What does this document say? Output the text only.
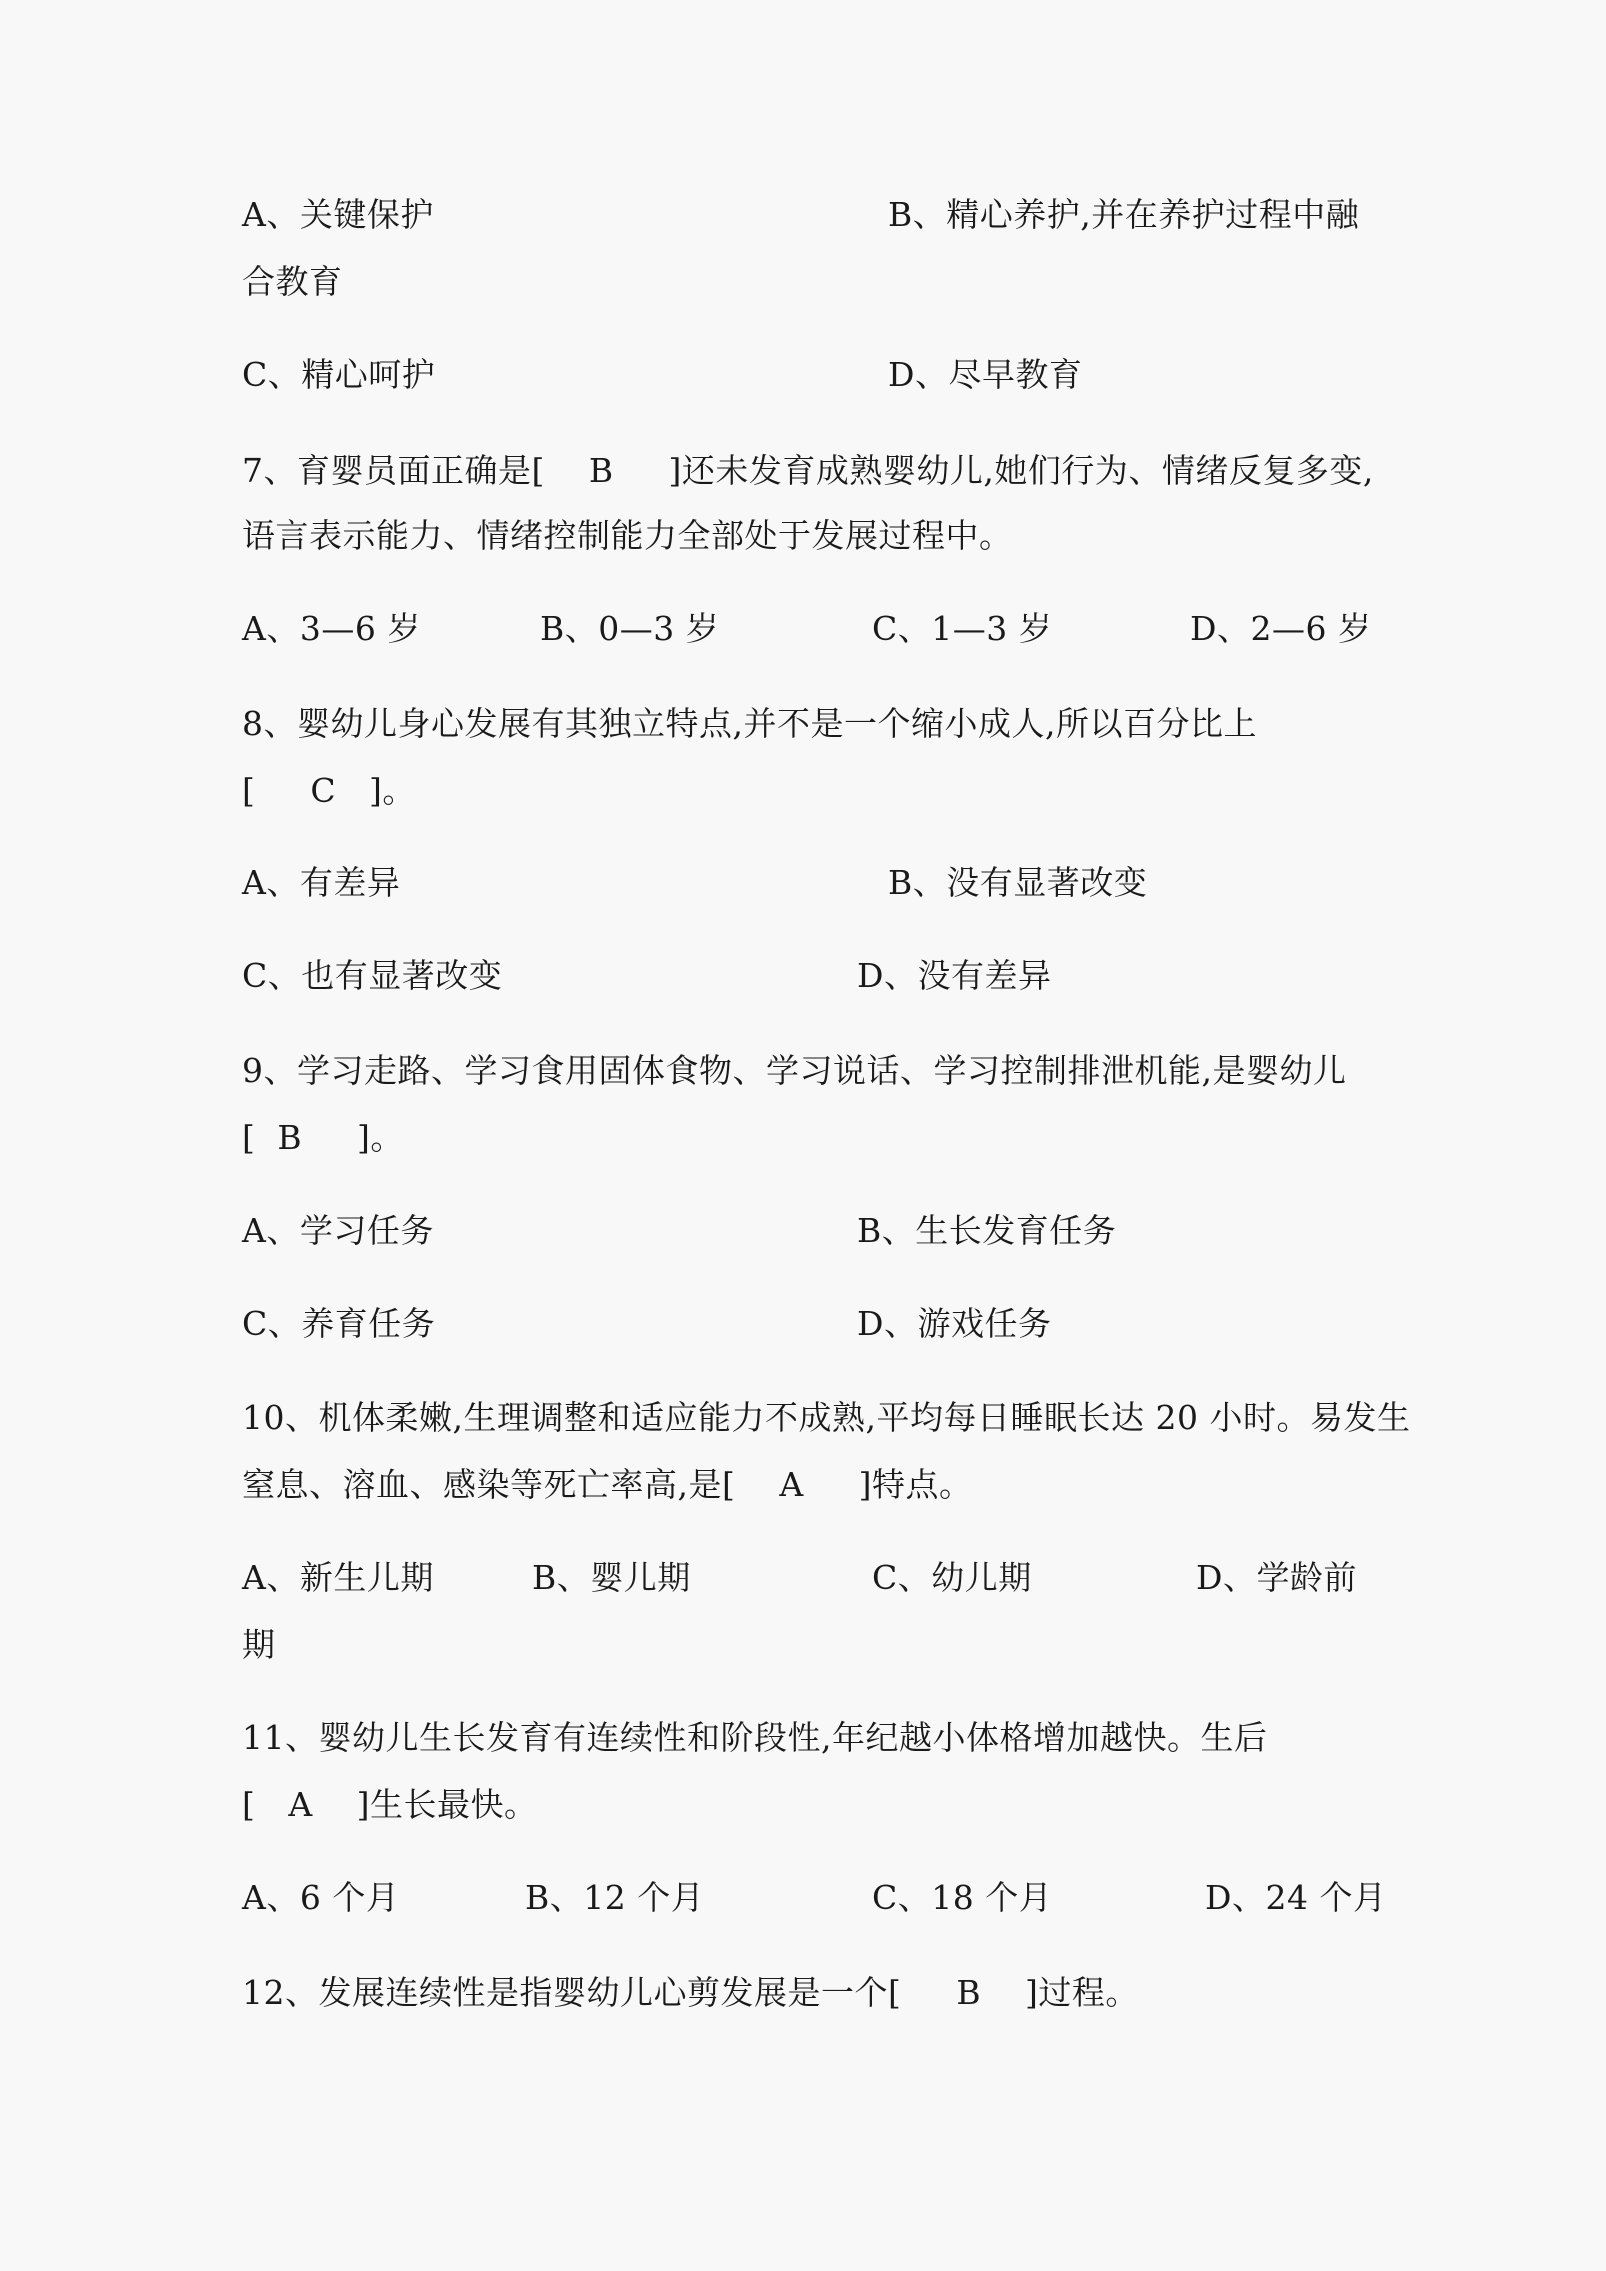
A、关键保护	B、精心养护,并在养护过程中融
合教育
C、精心呵护	D、尽早教育
7、育婴员面正确是[    B     ]还未发育成熟婴幼儿,她们行为、情绪反复多变,
语言表示能力、情绪控制能力全部处于发展过程中。
A、3—6 岁	B、0—3 岁	C、1—3 岁	D、2—6 岁
8、婴幼儿身心发展有其独立特点,并不是一个缩小成人,所以百分比上
[     C   ]。
A、有差异	B、没有显著改变
C、也有显著改变	D、没有差异
9、学习走路、学习食用固体食物、学习说话、学习控制排泄机能,是婴幼儿
[  B     ]。
A、学习任务	B、生长发育任务
C、养育任务	D、游戏任务
10、机体柔嫩,生理调整和适应能力不成熟,平均每日睡眠长达 20 小时。易发生
窒息、溶血、感染等死亡率高,是[    A     ]特点。
A、新生儿期	B、婴儿期	C、幼儿期	D、学龄前
期
11、婴幼儿生长发育有连续性和阶段性,年纪越小体格增加越快。生后
[   A    ]生长最快。
A、6 个月	B、12 个月	C、18 个月	D、24 个月
12、发展连续性是指婴幼儿心剪发展是一个[     B    ]过程。
